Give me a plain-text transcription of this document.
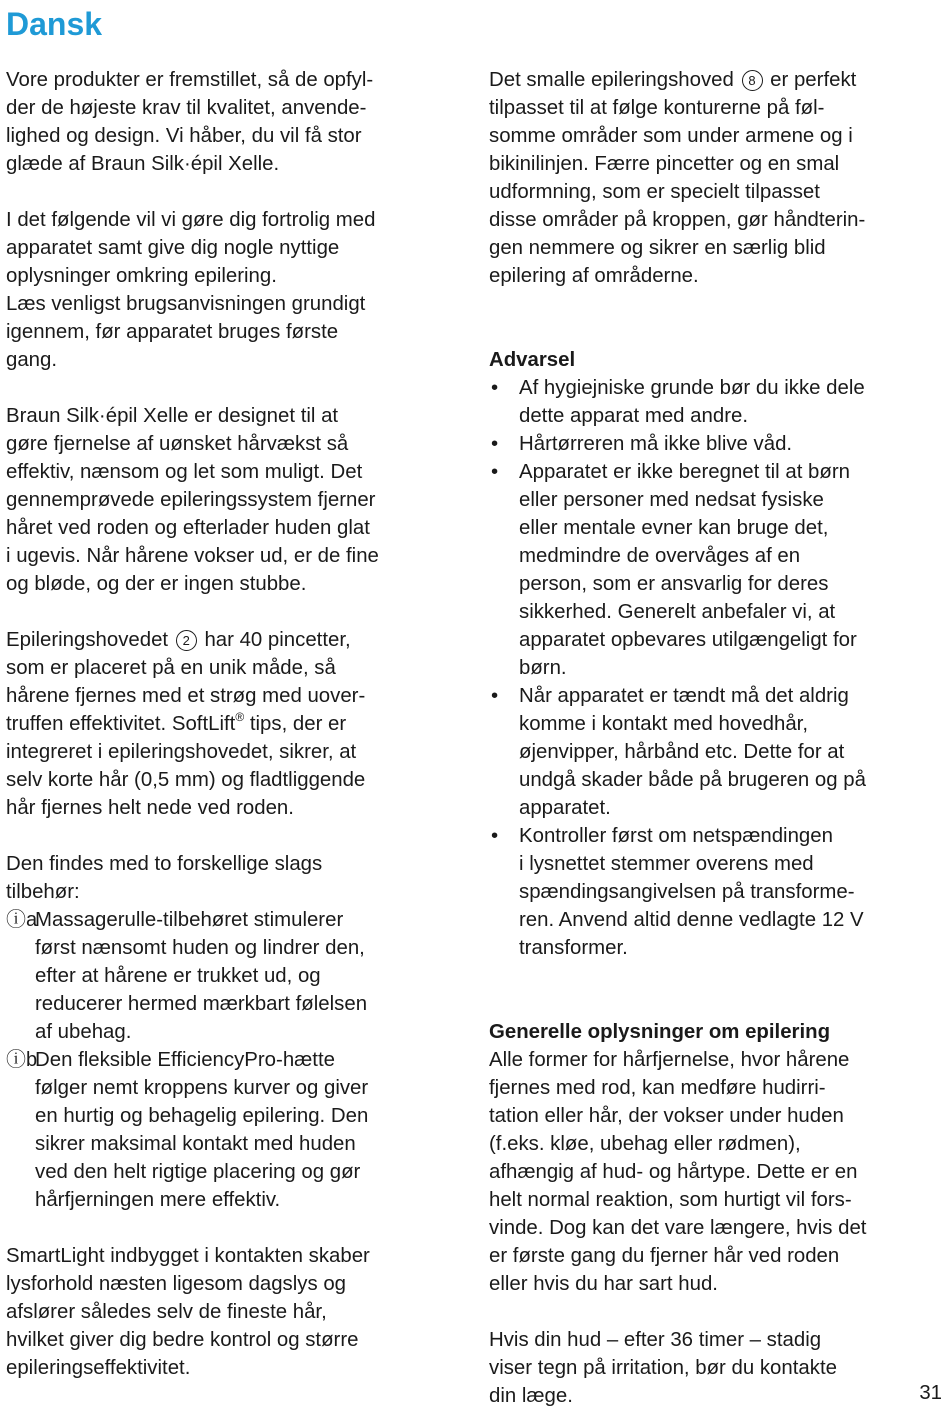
Dansk
Vore produkter er fremstillet, så de opfyl-
der de højeste krav til kvalitet, anvende-
lighed og design. Vi håber, du vil få stor
glæde af Braun Silk·épil Xelle.
I det følgende vil vi gøre dig fortrolig med
apparatet samt give dig nogle nyttige
oplysninger omkring epilering.
Læs venligst brugsanvisningen grundigt
igennem, før apparatet bruges første
gang.
Braun Silk·épil Xelle er designet til at
gøre fjernelse af uønsket hårvækst så
effektiv, nænsom og let som muligt. Det
gennemprøvede epileringssystem fjerner
håret ved roden og efterlader huden glat
i ugevis. Når hårene vokser ud, er de fine
og bløde, og der er ingen stubbe.
Epileringshovedet 2 har 40 pincetter,
som er placeret på en unik måde, så
hårene fjernes med et strøg med uover-
truffen effektivitet. SoftLift® tips, der er
integreret i epileringshovedet, sikrer, at
selv korte hår (0,5 mm) og fladtliggende
hår fjernes helt nede ved roden.
Den findes med to forskellige slags
tilbehør:
ⓘa
Massagerulle-tilbehøret stimulerer
først nænsomt huden og lindrer den,
efter at hårene er trukket ud, og
reducerer hermed mærkbart følelsen
af ubehag.
ⓘb
Den fleksible EfficiencyPro-hætte
følger nemt kroppens kurver og giver
en hurtig og behagelig epilering. Den
sikrer maksimal kontakt med huden
ved den helt rigtige placering og gør
hårfjerningen mere effektiv.
SmartLight indbygget i kontakten skaber
lysforhold næsten ligesom dagslys og
afslører således selv de fineste hår,
hvilket giver dig bedre kontrol og større
epileringseffektivitet.
Det smalle epileringshoved 8 er perfekt
tilpasset til at følge konturerne på føl-
somme områder som under armene og i
bikinilinjen. Færre pincetter og en smal
udformning, som er specielt tilpasset
disse områder på kroppen, gør håndterin-
gen nemmere og sikrer en særlig blid
epilering af områderne.
Advarsel
• Af hygiejniske grunde bør du ikke dele
dette apparat med andre.
• Hårtørreren må ikke blive våd.
• Apparatet er ikke beregnet til at børn
eller personer med nedsat fysiske
eller mentale evner kan bruge det,
medmindre de overvåges af en
person, som er ansvarlig for deres
sikkerhed. Generelt anbefaler vi, at
apparatet opbevares utilgængeligt for
børn.
• Når apparatet er tændt må det aldrig
komme i kontakt med hovedhår,
øjenvipper, hårbånd etc. Dette for at
undgå skader både på brugeren og på
apparatet.
• Kontroller først om netspændingen
i lysnettet stemmer overens med
spændingsangivelsen på transforme-
ren. Anvend altid denne vedlagte 12 V
transformer.
Generelle oplysninger om epilering
Alle former for hårfjernelse, hvor hårene
fjernes med rod, kan medføre hudirri-
tation eller hår, der vokser under huden
(f.eks. kløe, ubehag eller rødmen),
afhængig af hud- og hårtype. Dette er en
helt normal reaktion, som hurtigt vil fors-
vinde. Dog kan det vare længere, hvis det
er første gang du fjerner hår ved roden
eller hvis du har sart hud.
Hvis din hud – efter 36 timer – stadig
viser tegn på irritation, bør du kontakte
din læge.	31
